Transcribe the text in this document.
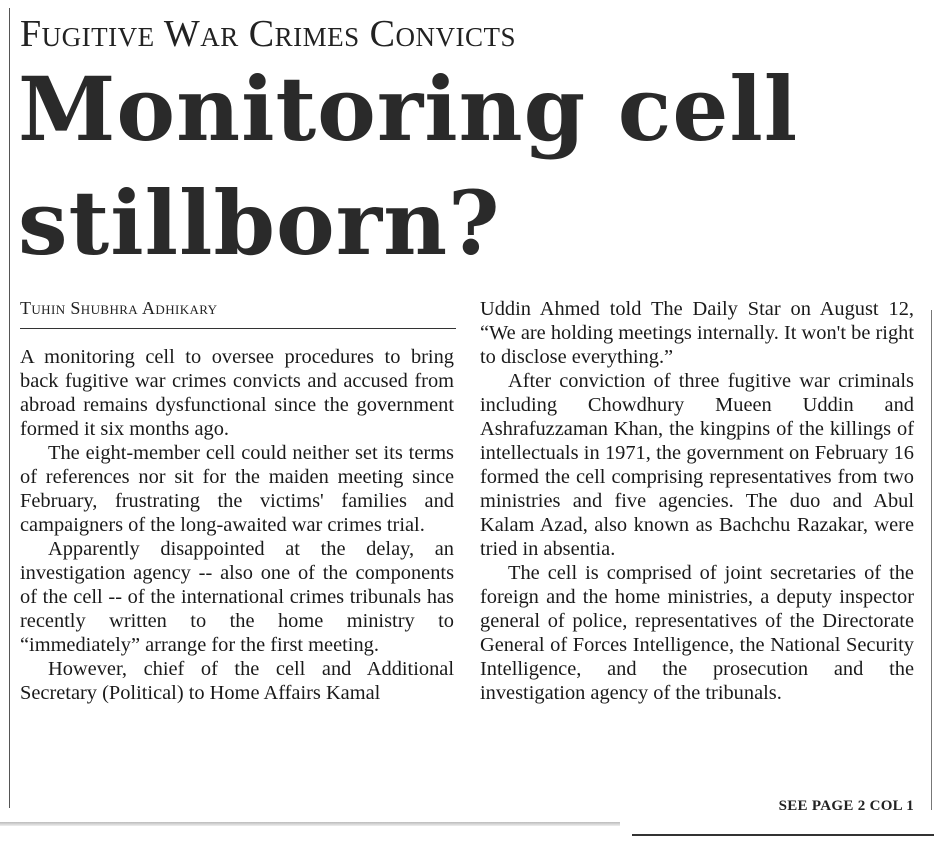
Fugitive War Crimes Convicts
Monitoring cell stillborn?
Tuhin Shubhra Adhikary

A monitoring cell to oversee procedures to bring back fugitive war crimes convicts and accused from abroad remains dysfunctional since the government formed it six months ago.

The eight-member cell could neither set its terms of references nor sit for the maiden meeting since February, frustrating the victims' families and campaigners of the long-awaited war crimes trial.

Apparently disappointed at the delay, an investigation agency -- also one of the components of the cell -- of the international crimes tribunals has recently written to the home ministry to “immediately” arrange for the first meeting.

However, chief of the cell and Additional Secretary (Political) to Home Affairs Kamal

Uddin Ahmed told The Daily Star on August 12, “We are holding meetings internally. It won't be right to disclose everything.”

After conviction of three fugitive war criminals including Chowdhury Mueen Uddin and Ashrafuzzaman Khan, the kingpins of the killings of intellectuals in 1971, the government on February 16 formed the cell comprising representatives from two ministries and five agencies. The duo and Abul Kalam Azad, also known as Bachchu Razakar, were tried in absentia.

The cell is comprised of joint secretaries of the foreign and the home ministries, a deputy inspector general of police, representatives of the Directorate General of Forces Intelligence, the National Security Intelligence, and the prosecution and the investigation agency of the tribunals.

SEE PAGE 2 COL 1
